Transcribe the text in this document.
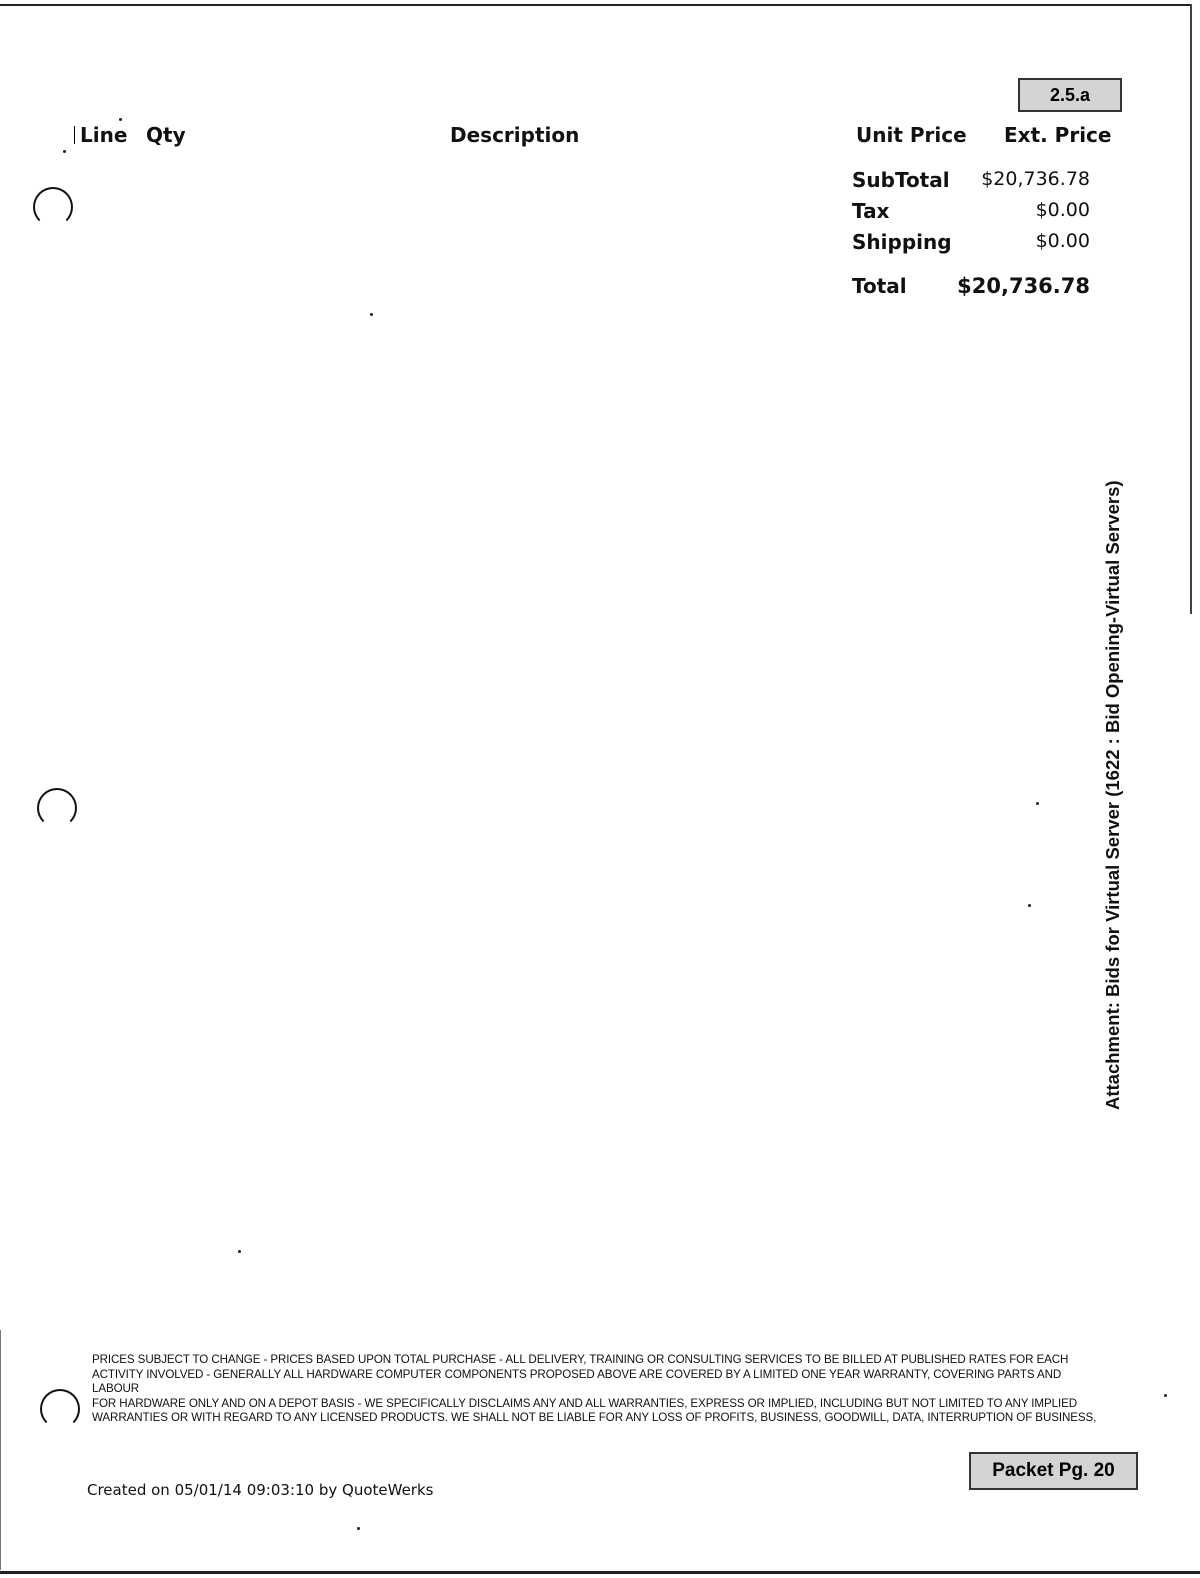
2.5.a
Line Qty	Description	Unit Price Ext. Price
SubTotal	$20,736.78
Tax	$0.00
Shipping	$0.00
Total	$20,736.78
Attachment: Bids for Virtual Server (1622 : Bid Opening-Virtual Servers)
PRICES SUBJECT TO CHANGE - PRICES BASED UPON TOTAL PURCHASE - ALL DELIVERY, TRAINING OR CONSULTING SERVICES TO BE BILLED AT PUBLISHED RATES FOR EACH
ACTIVITY INVOLVED - GENERALLY ALL HARDWARE COMPUTER COMPONENTS PROPOSED ABOVE ARE COVERED BY A LIMITED ONE YEAR WARRANTY, COVERING PARTS AND LABOUR
FOR HARDWARE ONLY AND ON A DEPOT BASIS - WE SPECIFICALLY DISCLAIMS ANY AND ALL WARRANTIES, EXPRESS OR IMPLIED, INCLUDING BUT NOT LIMITED TO ANY IMPLIED
WARRANTIES OR WITH REGARD TO ANY LICENSED PRODUCTS. WE SHALL NOT BE LIABLE FOR ANY LOSS OF PROFITS, BUSINESS, GOODWILL, DATA, INTERRUPTION OF BUSINESS,
Created on 05/01/14 09:03:10 by QuoteWerks
Packet Pg. 20
